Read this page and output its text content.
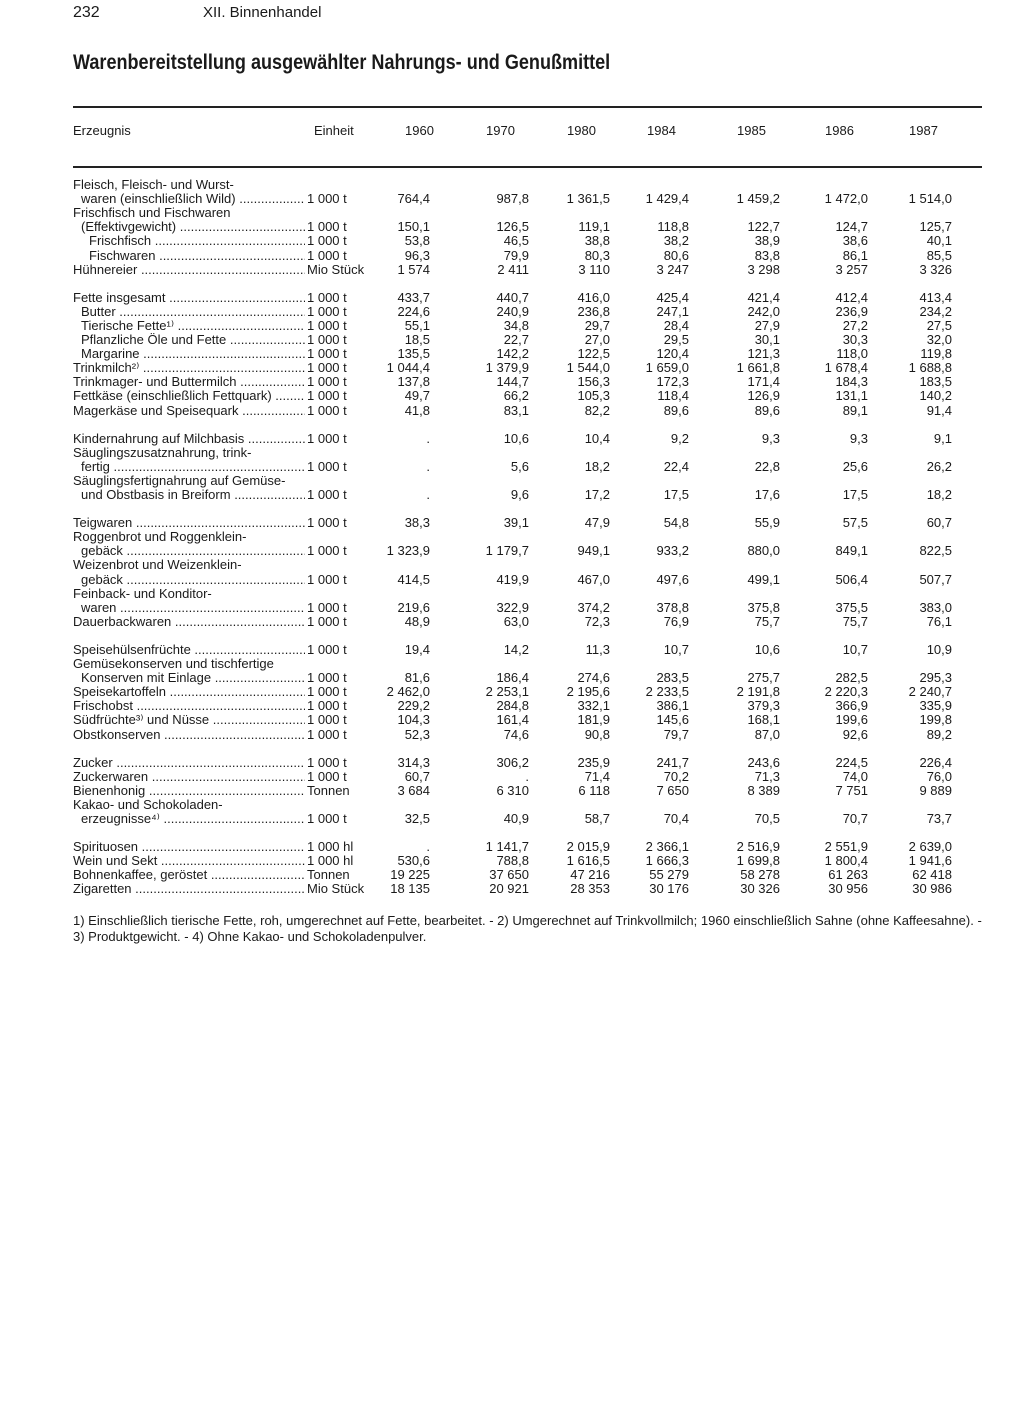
232	XII. Binnenhandel
Warenbereitstellung ausgewählter Nahrungs- und Genußmittel
Erzeugnis	Einheit	1960	1970	1980	1984	1985	1986	1987
Fleisch, Fleisch- und Wurst-
waren (einschließlich Wild) .....	1 000 t	764,4	987,8	1 361,5	1 429,4	1 459,2	1 472,0	1 514,0
Frischfisch und Fischwaren
(Effektivgewicht) .....	1 000 t	150,1	126,5	119,1	118,8	122,7	124,7	125,7
Frischfisch .....	1 000 t	53,8	46,5	38,8	38,2	38,9	38,6	40,1
Fischwaren .....	1 000 t	96,3	79,9	80,3	80,6	83,8	86,1	85,5
Hühnereier .....	Mio Stück	1 574	2 411	3 110	3 247	3 298	3 257	3 326
Fette insgesamt .....	1 000 t	433,7	440,7	416,0	425,4	421,4	412,4	413,4
Butter .....	1 000 t	224,6	240,9	236,8	247,1	242,0	236,9	234,2
Tierische Fette¹⁾ .....	1 000 t	55,1	34,8	29,7	28,4	27,9	27,2	27,5
Pflanzliche Öle und Fette .....	1 000 t	18,5	22,7	27,0	29,5	30,1	30,3	32,0
Margarine .....	1 000 t	135,5	142,2	122,5	120,4	121,3	118,0	119,8
Trinkmilch²⁾ .....	1 000 t	1 044,4	1 379,9	1 544,0	1 659,0	1 661,8	1 678,4	1 688,8
Trinkmager- und Buttermilch .....	1 000 t	137,8	144,7	156,3	172,3	171,4	184,3	183,5
Fettkäse (einschließlich Fettquark) .....	1 000 t	49,7	66,2	105,3	118,4	126,9	131,1	140,2
Magerkäse und Speisequark .....	1 000 t	41,8	83,1	82,2	89,6	89,6	89,1	91,4
Kindernahrung auf Milchbasis .....	1 000 t	.	10,6	10,4	9,2	9,3	9,3	9,1
Säuglingszusatznahrung, trink-
fertig .....	1 000 t	.	5,6	18,2	22,4	22,8	25,6	26,2
Säuglingsfertignahrung auf Gemüse-
und Obstbasis in Breiform .....	1 000 t	.	9,6	17,2	17,5	17,6	17,5	18,2
Teigwaren .....	1 000 t	38,3	39,1	47,9	54,8	55,9	57,5	60,7
Roggenbrot und Roggenklein-
gebäck .....	1 000 t	1 323,9	1 179,7	949,1	933,2	880,0	849,1	822,5
Weizenbrot und Weizenklein-
gebäck .....	1 000 t	414,5	419,9	467,0	497,6	499,1	506,4	507,7
Feinback- und Konditor-
waren .....	1 000 t	219,6	322,9	374,2	378,8	375,8	375,5	383,0
Dauerbackwaren .....	1 000 t	48,9	63,0	72,3	76,9	75,7	75,7	76,1
Speisehülsenfrüchte .....	1 000 t	19,4	14,2	11,3	10,7	10,6	10,7	10,9
Gemüsekonserven und tischfertige
Konserven mit Einlage .....	1 000 t	81,6	186,4	274,6	283,5	275,7	282,5	295,3
Speisekartoffeln .....	1 000 t	2 462,0	2 253,1	2 195,6	2 233,5	2 191,8	2 220,3	2 240,7
Frischobst .....	1 000 t	229,2	284,8	332,1	386,1	379,3	366,9	335,9
Südfrüchte³⁾ und Nüsse .....	1 000 t	104,3	161,4	181,9	145,6	168,1	199,6	199,8
Obstkonserven .....	1 000 t	52,3	74,6	90,8	79,7	87,0	92,6	89,2
Zucker .....	1 000 t	314,3	306,2	235,9	241,7	243,6	224,5	226,4
Zuckerwaren .....	1 000 t	60,7	.	71,4	70,2	71,3	74,0	76,0
Bienenhonig .....	Tonnen	3 684	6 310	6 118	7 650	8 389	7 751	9 889
Kakao- und Schokoladen-
erzeugnisse⁴⁾ .....	1 000 t	32,5	40,9	58,7	70,4	70,5	70,7	73,7
Spirituosen .....	1 000 hl	.	1 141,7	2 015,9	2 366,1	2 516,9	2 551,9	2 639,0
Wein und Sekt .....	1 000 hl	530,6	788,8	1 616,5	1 666,3	1 699,8	1 800,4	1 941,6
Bohnenkaffee, geröstet .....	Tonnen	19 225	37 650	47 216	55 279	58 278	61 263	62 418
Zigaretten .....	Mio Stück	18 135	20 921	28 353	30 176	30 326	30 956	30 986
1) Einschließlich tierische Fette, roh, umgerechnet auf Fette, bearbeitet. - 2) Umgerechnet auf Trinkvollmilch; 1960 einschließlich Sahne (ohne Kaffeesahne). - 3) Produktgewicht. - 4) Ohne Kakao- und Schokoladenpulver.
